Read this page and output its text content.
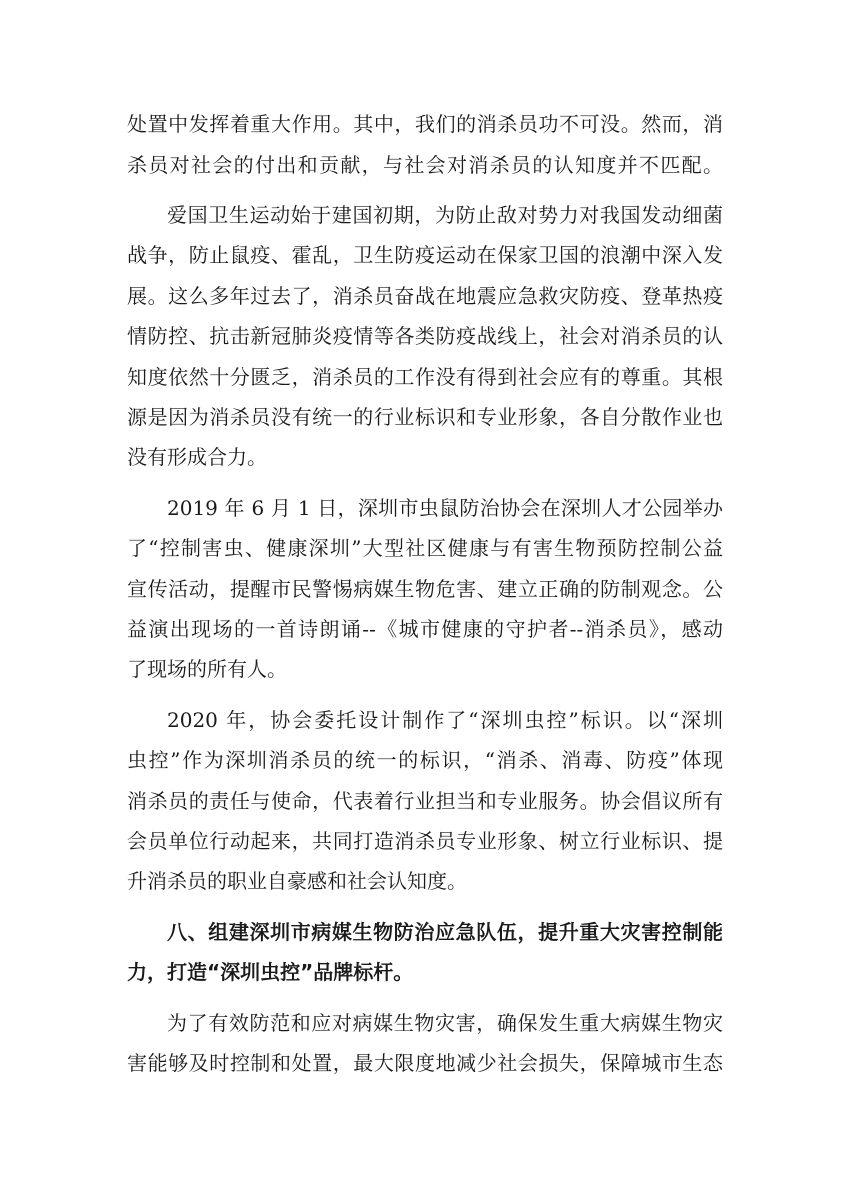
处置中发挥着重大作用。其中，我们的消杀员功不可没。然而，消
杀员对社会的付出和贡献，与社会对消杀员的认知度并不匹配。
爱国卫生运动始于建国初期，为防止敌对势力对我国发动细菌
战争，防止鼠疫、霍乱，卫生防疫运动在保家卫国的浪潮中深入发
展。这么多年过去了，消杀员奋战在地震应急救灾防疫、登革热疫
情防控、抗击新冠肺炎疫情等各类防疫战线上，社会对消杀员的认
知度依然十分匮乏，消杀员的工作没有得到社会应有的尊重。其根
源是因为消杀员没有统一的行业标识和专业形象，各自分散作业也
没有形成合力。
2019 年 6 月 1 日，深圳市虫鼠防治协会在深圳人才公园举办
了“控制害虫、健康深圳”大型社区健康与有害生物预防控制公益
宣传活动，提醒市民警惕病媒生物危害、建立正确的防制观念。公
益演出现场的一首诗朗诵--《城市健康的守护者--消杀员》，感动
了现场的所有人。
2020 年，协会委托设计制作了“深圳虫控”标识。以“深圳
虫控”作为深圳消杀员的统一的标识，“消杀、消毒、防疫”体现
消杀员的责任与使命，代表着行业担当和专业服务。协会倡议所有
会员单位行动起来，共同打造消杀员专业形象、树立行业标识、提
升消杀员的职业自豪感和社会认知度。
八、组建深圳市病媒生物防治应急队伍，提升重大灾害控制能
力，打造“深圳虫控”品牌标杆。
为了有效防范和应对病媒生物灾害，确保发生重大病媒生物灾
害能够及时控制和处置，最大限度地减少社会损失，保障城市生态
